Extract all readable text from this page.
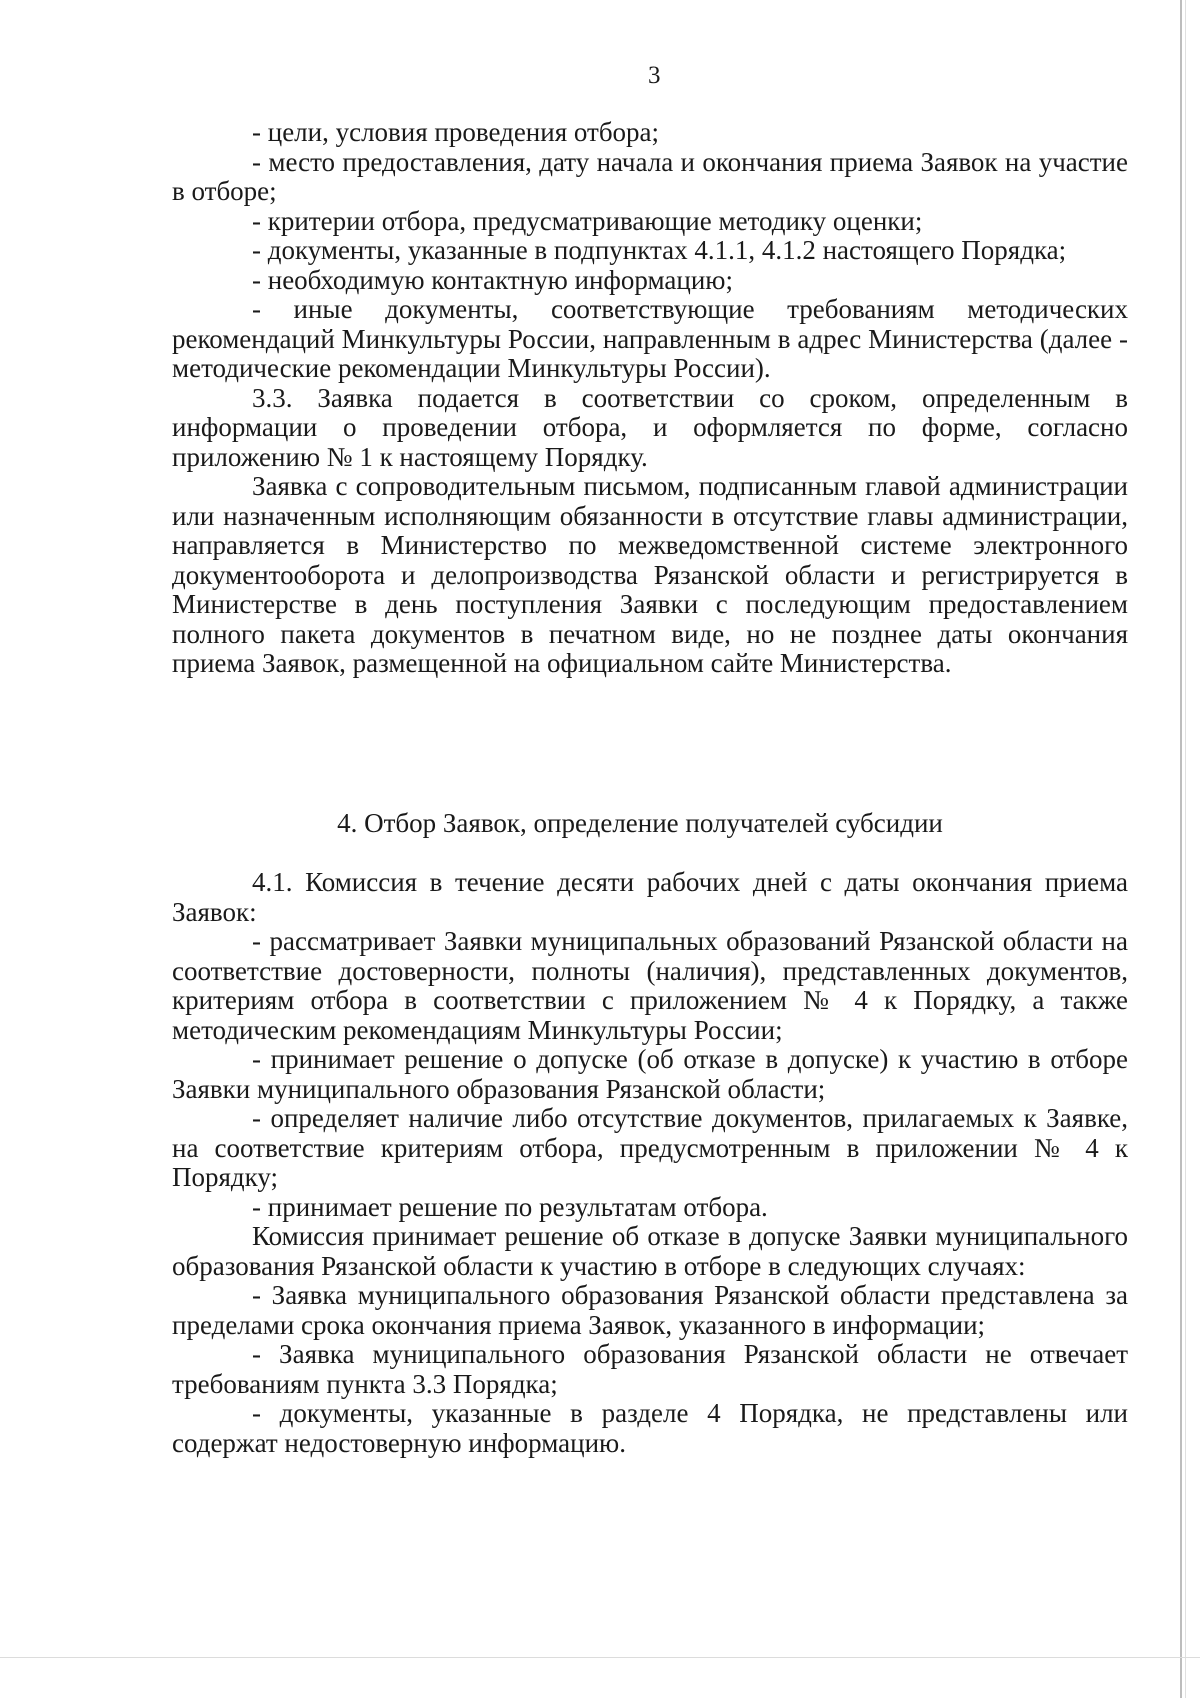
3

- цели, условия проведения отбора;

- место предоставления, дату начала и окончания приема Заявок на участие в отборе;

- критерии отбора, предусматривающие методику оценки;

- документы, указанные в подпунктах 4.1.1, 4.1.2 настоящего Порядка;

- необходимую контактную информацию;

- иные документы, соответствующие требованиям методических рекомендаций Минкультуры России, направленным в адрес Министерства (далее - методические рекомендации Минкультуры России).

3.3. Заявка подается в соответствии со сроком, определенным в информации о проведении отбора, и оформляется по форме, согласно приложению № 1 к настоящему Порядку.

Заявка с сопроводительным письмом, подписанным главой администрации или назначенным исполняющим обязанности в отсутствие главы администрации, направляется в Министерство по межведомственной системе электронного документооборота и делопроизводства Рязанской области и регистрируется в Министерстве в день поступления Заявки с последующим предоставлением полного пакета документов в печатном виде, но не позднее даты окончания приема Заявок, размещенной на официальном сайте Министерства.

4. Отбор Заявок, определение получателей субсидии

4.1. Комиссия в течение десяти рабочих дней с даты окончания приема Заявок:

- рассматривает Заявки муниципальных образований Рязанской области на соответствие достоверности, полноты (наличия), представленных документов, критериям отбора в соответствии с приложением № 4 к Порядку, а также методическим рекомендациям Минкультуры России;

- принимает решение о допуске (об отказе в допуске) к участию в отборе Заявки муниципального образования Рязанской области;

- определяет наличие либо отсутствие документов, прилагаемых к Заявке, на соответствие критериям отбора, предусмотренным в приложении № 4 к Порядку;

- принимает решение по результатам отбора.

Комиссия принимает решение об отказе в допуске Заявки муниципального образования Рязанской области к участию в отборе в следующих случаях:

- Заявка муниципального образования Рязанской области представлена за пределами срока окончания приема Заявок, указанного в информации;

- Заявка муниципального образования Рязанской области не отвечает требованиям пункта 3.3 Порядка;

- документы, указанные в разделе 4 Порядка, не представлены или содержат недостоверную информацию.
